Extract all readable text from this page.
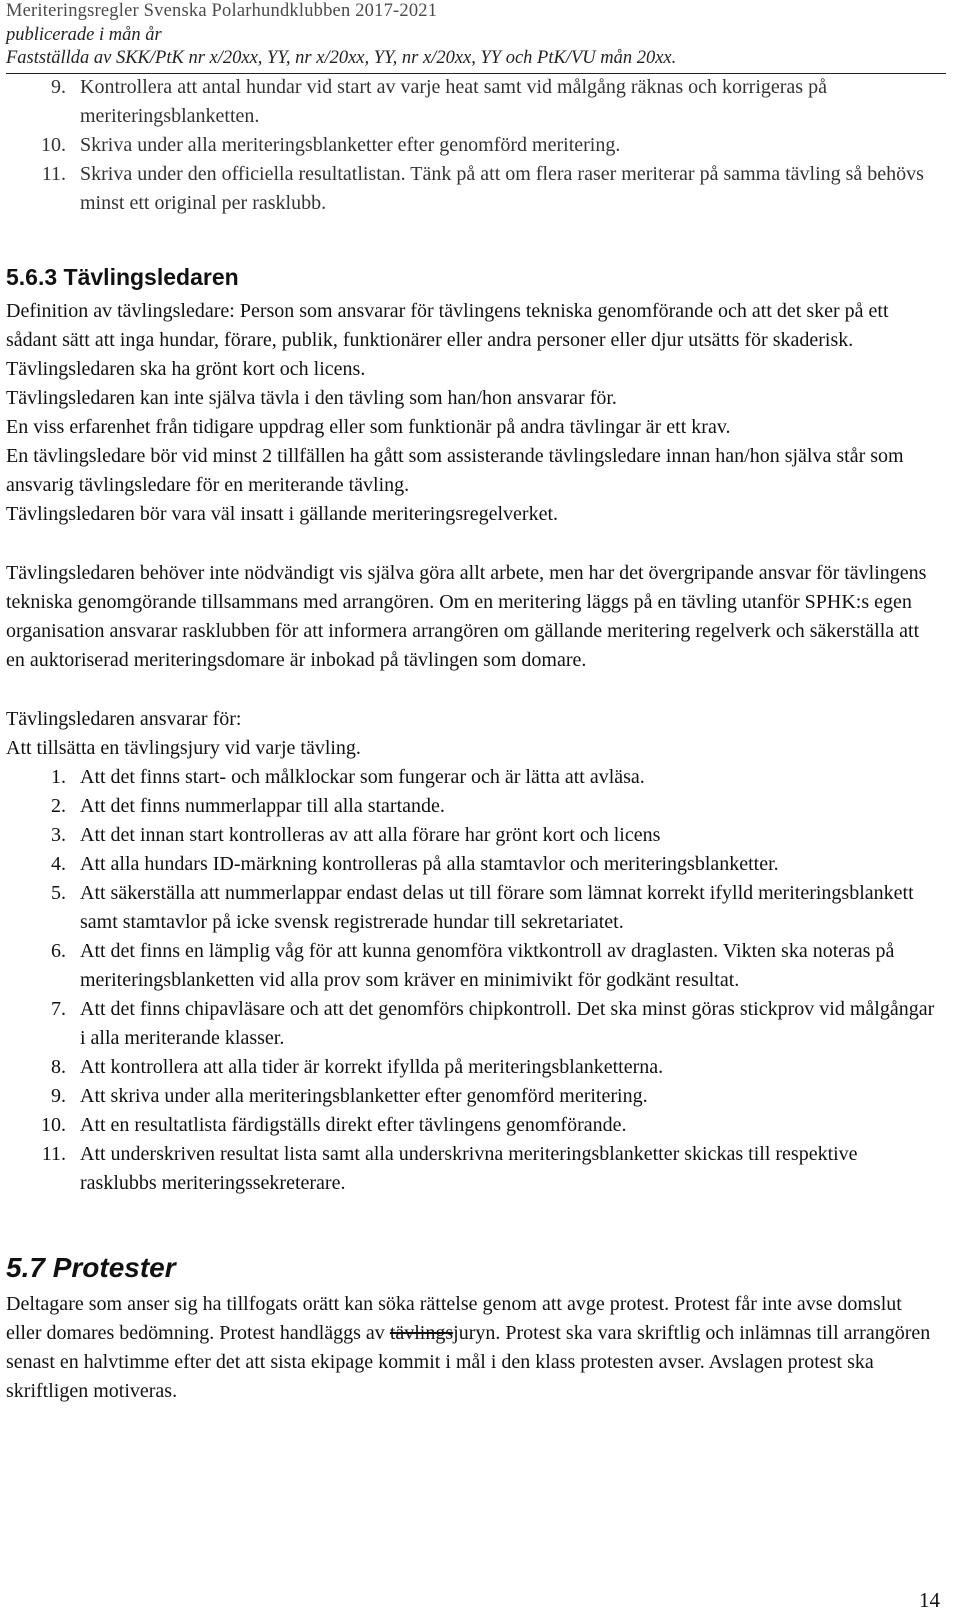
Meriteringsregler Svenska Polarhundklubben 2017-2021
publicerade i mån år
Fastställda av SKK/PtK nr x/20xx, YY, nr x/20xx, YY, nr x/20xx, YY och PtK/VU mån 20xx.
9. Kontrollera att antal hundar vid start av varje heat samt vid målgång räknas och korrigeras på meriteringsblanketten.
10. Skriva under alla meriteringsblanketter efter genomförd meritering.
11. Skriva under den officiella resultatlistan. Tänk på att om flera raser meriterar på samma tävling så behövs minst ett original per rasklubb.
5.6.3 Tävlingsledaren

Definition av tävlingsledare: Person som ansvarar för tävlingens tekniska genomförande och att det sker på ett sådant sätt att inga hundar, förare, publik, funktionärer eller andra personer eller djur utsätts för skaderisk.

Tävlingsledaren ska ha grönt kort och licens.

Tävlingsledaren kan inte själva tävla i den tävling som han/hon ansvarar för.

En viss erfarenhet från tidigare uppdrag eller som funktionär på andra tävlingar är ett krav.

En tävlingsledare bör vid minst 2 tillfällen ha gått som assisterande tävlingsledare innan han/hon själva står som ansvarig tävlingsledare för en meriterande tävling.

Tävlingsledaren bör vara väl insatt i gällande meriteringsregelverket.

Tävlingsledaren behöver inte nödvändigt vis själva göra allt arbete, men har det övergripande ansvar för tävlingens tekniska genomgörande tillsammans med arrangören. Om en meritering läggs på en tävling utanför SPHK:s egen organisation ansvarar rasklubben för att informera arrangören om gällande meritering regelverk och säkerställa att en auktoriserad meriteringsdomare är inbokad på tävlingen som domare.

Tävlingsledaren ansvarar för:

Att tillsätta en tävlingsjury vid varje tävling.

1. Att det finns start- och målklockar som fungerar och är lätta att avläsa.
2. Att det finns nummerlappar till alla startande.
3. Att det innan start kontrolleras av att alla förare har grönt kort och licens
4. Att alla hundars ID-märkning kontrolleras på alla stamtavlor och meriteringsblanketter.
5. Att säkerställa att nummerlappar endast delas ut till förare som lämnat korrekt ifylld meriteringsblankett samt stamtavlor på icke svensk registrerade hundar till sekretariatet.
6. Att det finns en lämplig våg för att kunna genomföra viktkontroll av draglasten. Vikten ska noteras på meriteringsblanketten vid alla prov som kräver en minimivikt för godkänt resultat.
7. Att det finns chipavläsare och att det genomförs chipkontroll. Det ska minst göras stickprov vid målgångar i alla meriterande klasser.
8. Att kontrollera att alla tider är korrekt ifyllda på meriteringsblanketterna.
9. Att skriva under alla meriteringsblanketter efter genomförd meritering.
10. Att en resultatlista färdigställs direkt efter tävlingens genomförande.
11. Att underskriven resultat lista samt alla underskrivna meriteringsblanketter skickas till respektive rasklubbs meriteringssekreterare.
5.7 Protester

Deltagare som anser sig ha tillfogats orätt kan söka rättelse genom att avge protest. Protest får inte avse domslut eller domares bedömning. Protest handläggs av tävlingsjuryn. Protest ska vara skriftlig och inlämnas till arrangören senast en halvtimme efter det att sista ekipage kommit i mål i den klass protesten avser. Avslagen protest ska skriftligen motiveras.

14
